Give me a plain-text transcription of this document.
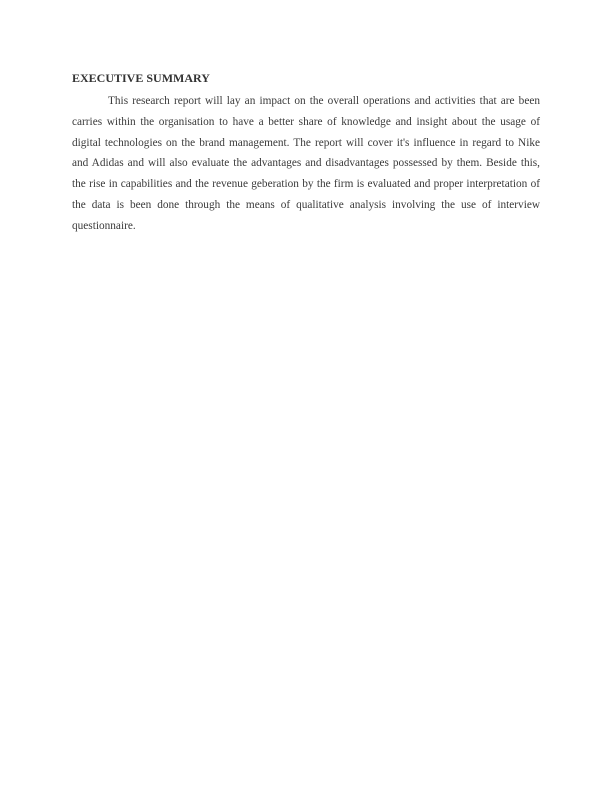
EXECUTIVE SUMMARY

This research report will lay an impact on the overall operations and activities that are been carries within the organisation to have a better share of knowledge and insight about the usage of digital technologies on the brand management. The report will cover it's influence in regard to Nike and Adidas and will also evaluate the advantages and disadvantages possessed by them. Beside this, the rise in capabilities and the revenue geberation by the firm is evaluated and proper interpretation of the data is been done through the means of qualitative analysis involving the use of interview questionnaire.
